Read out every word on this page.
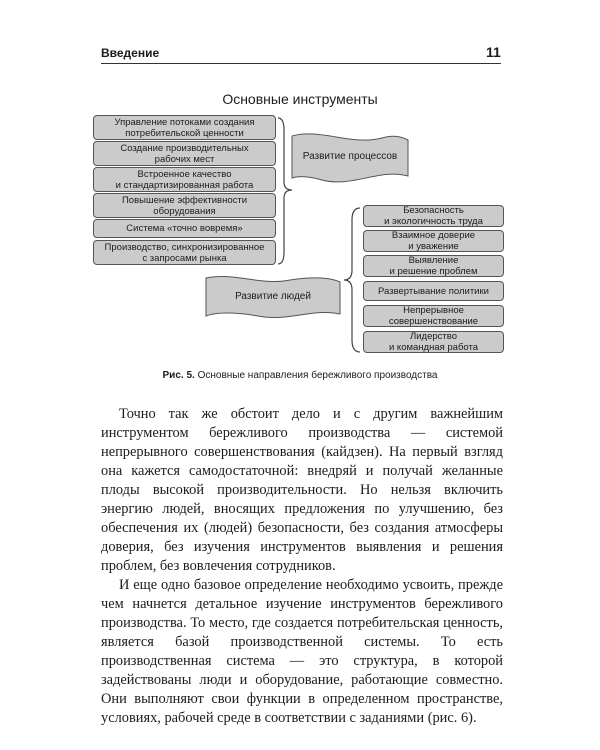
Введение	11
Основные инструменты
Управление потоками создания
потребительской ценности
Создание производительных
рабочих мест
Встроенное качество
и стандартизированная работа
Повышение эффективности
оборудования
Система «точно вовремя»
Производство, синхронизированное
с запросами рынка
Безопасность
и экологичность труда
Взаимное доверие
и уважение
Выявление
и решение проблем
Развертывание политики
Непрерывное
совершенствование
Лидерство
и командная работа
Развитие процессов
Развитие людей
Рис. 5. Основные направления бережливого производства

Точно так же обстоит дело и с другим важнейшим инструментом бережливого производства — системой непрерывного совершенствования (кайдзен). На первый взгляд она кажется самодостаточной: внедряй и получай желанные плоды высокой производительности. Но нельзя включить энергию людей, вносящих предложения по улучшению, без обеспечения их (людей) безопасности, без создания атмосферы доверия, без изучения инструментов выявления и решения проблем, без вовлечения сотрудников.

И еще одно базовое определение необходимо усвоить, прежде чем начнется детальное изучение инструментов бережливого производства. То место, где создается потребительская ценность, является базой производственной системы. То есть производственная система — это структура, в которой задействованы люди и оборудование, работающие совместно. Они выполняют свои функции в определенном пространстве, условиях, рабочей среде в соответствии с заданиями (рис. 6).
